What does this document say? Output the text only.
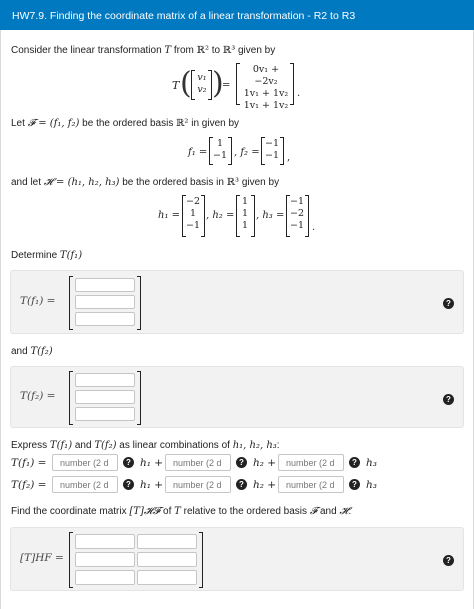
HW7.9. Finding the coordinate matrix of a linear transformation - R2 to R3
Consider the linear transformation T from ℝ² to ℝ³ given by
T ( v₁
v₂ )
=
0v₁ + −2v₂
1v₁ + 1v₂
1v₁ + 1v₂
.
Let 𝓕 = (f₁, f₂) be the ordered basis ℝ² in given by
f₁ =
1
−1 , f₂ =
−1
−1 ,
and let 𝓗 = (h₁, h₂, h₃) be the ordered basis in ℝ³ given by
h₁ =
−2
1
−1
, h₂ =
1
1
1
, h₃ =
−1
−2
−1 .
Determine T(f₁)
T(f₁) =	?
and T(f₂)
T(f₂) =	?
Express T(f₁) and T(f₂) as linear combinations of h₁, h₂, h₃:
T(f₁) =	number (2 d	? h₁ +	number (2 d	? h₂ +	number (2 d	? h₃
T(f₂) =	number (2 d	? h₁ +	number (2 d	? h₂ +	number (2 d	? h₃
Find the coordinate matrix [T]𝓗𝓕 of T relative to the ordered basis 𝓕 and 𝓗:
[T]𝐻𝐹 =	?
